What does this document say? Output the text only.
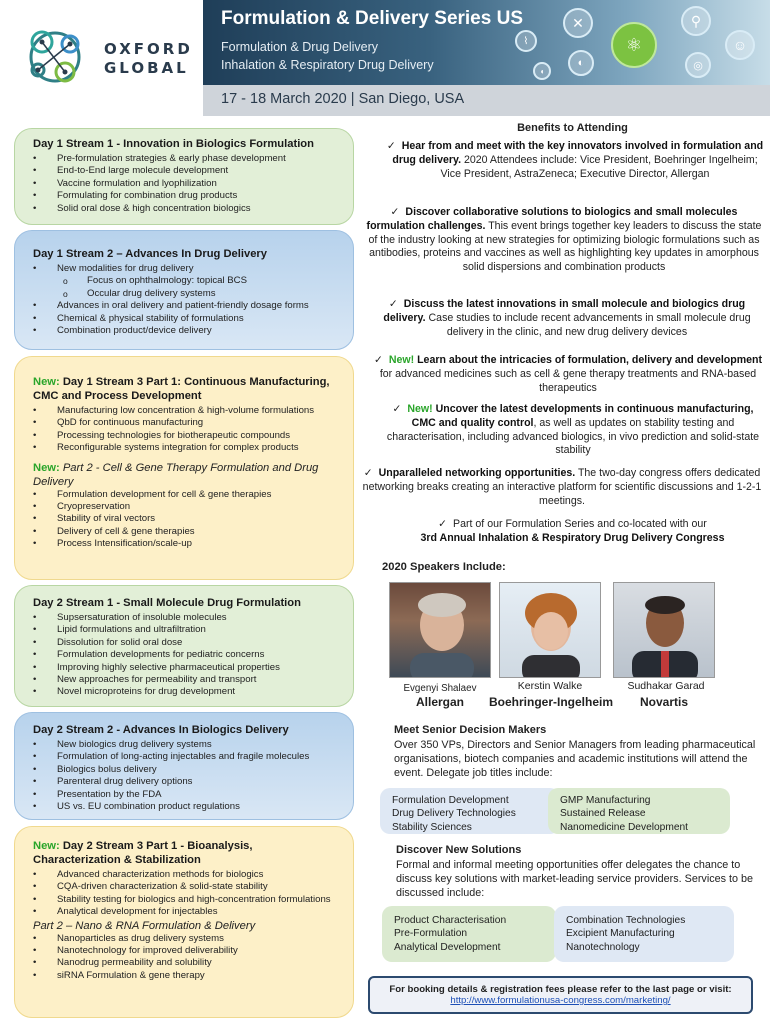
OXFORD
GLOBAL
Formulation & Delivery Series US
Formulation & Drug Delivery
Inhalation & Respiratory Drug Delivery
✕	⚲
⌇
◐
⚛	☺
◎
◖
17 - 18 March 2020 | San Diego, USA
Day 1 Stream 1 - Innovation in Biologics Formulation
• Pre-formulation strategies & early phase development
• End-to-End large molecule development
• Vaccine formulation and lyophilization
• Formulating for combination drug products
• Solid oral dose & high concentration biologics
Day 1 Stream 2 – Advances In Drug Delivery
• New modalities for drug delivery
o Focus on ophthalmology: topical BCS
o Occular drug delivery systems
• Advances in oral delivery and patient-friendly dosage forms
• Chemical & physical stability of formulations
• Combination product/device delivery
New: Day 1 Stream 3 Part 1: Continuous Manufacturing, CMC and Process Development
• Manufacturing low concentration & high-volume formulations
• QbD for continuous manufacturing
• Processing technologies for biotherapeutic compounds
• Reconfigurable systems integration for complex products
New: Part 2 - Cell & Gene Therapy Formulation and Drug Delivery
• Formulation development for cell & gene therapies
• Cryopreservation
• Stability of viral vectors
• Delivery of cell & gene therapies
• Process Intensification/scale-up
Day 2 Stream 1 - Small Molecule Drug Formulation
• Supsersaturation of insoluble molecules
• Lipid formulations and ultrafiltration
• Dissolution for solid oral dose
• Formulation developments for pediatric concerns
• Improving highly selective pharmaceutical properties
• New approaches for permeability and transport
• Novel microproteins for drug development
Day 2 Stream 2 - Advances In Biologics Delivery
• New biologics drug delivery systems
• Formulation of long-acting injectables and fragile molecules
• Biologics bolus delivery
• Parenteral drug delivery options
• Presentation by the FDA
• US vs. EU combination product regulations
New: Day 2 Stream 3 Part 1 - Bioanalysis, Characterization & Stabilization
• Advanced characterization methods for biologics
• CQA-driven characterization & solid-state stability
• Stability testing for biologics and high-concentration formulations
• Analytical development for injectables
Part 2 – Nano & RNA Formulation & Delivery
• Nanoparticles as drug delivery systems
• Nanotechnology for improved deliverability
• Nanodrug permeability and solubility
• siRNA Formulation & gene therapy
Benefits to Attending
✓ Hear from and meet with the key innovators involved in formulation and drug delivery. 2020 Attendees include: Vice President, Boehringer Ingelheim; Vice President, AstraZeneca; Executive Director, Allergan
✓ Discover collaborative solutions to biologics and small molecules formulation challenges. This event brings together key leaders to discuss the state of the industry looking at new strategies for optimizing biologic formulations such as antibodies, proteins and vaccines as well as highlighting key updates in amorphous solid dispersions and combination products
✓ Discuss the latest innovations in small molecule and biologics drug delivery. Case studies to include recent advancements in small molecule drug delivery in the clinic, and new drug delivery devices
✓ New! Learn about the intricacies of formulation, delivery and development for advanced medicines such as cell & gene therapy treatments and RNA-based therapeutics
✓ New! Uncover the latest developments in continuous manufacturing, CMC and quality control, as well as updates on stability testing and characterisation, including advanced biologics, in vivo prediction and solid-state stability
✓ Unparalleled networking opportunities. The two-day congress offers dedicated networking breaks creating an interactive platform for scientific discussions and 1-2-1 meetings.
✓ Part of our Formulation Series and co-located with our
3rd Annual Inhalation & Respiratory Drug Delivery Congress
2020 Speakers Include:
Evgenyi Shalaev	Kerstin Walke	Sudhakar Garad
Allergan	Boehringer-Ingelheim	Novartis
Meet Senior Decision Makers
Over 350 VPs, Directors and Senior Managers from leading pharmaceutical organisations, biotech companies and academic institutions will attend the event. Delegate job titles include:
Formulation Development
Drug Delivery Technologies
Stability Sciences
GMP Manufacturing
Sustained Release
Nanomedicine Development
Discover New Solutions
Formal and informal meeting opportunities offer delegates the chance to discuss key solutions with market-leading service providers. Services to be discussed include:
Product Characterisation
Pre-Formulation
Analytical Development
Combination Technologies
Excipient Manufacturing
Nanotechnology
For booking details & registration fees please refer to the last page or visit:
http://www.formulationusa-congress.com/marketing/
